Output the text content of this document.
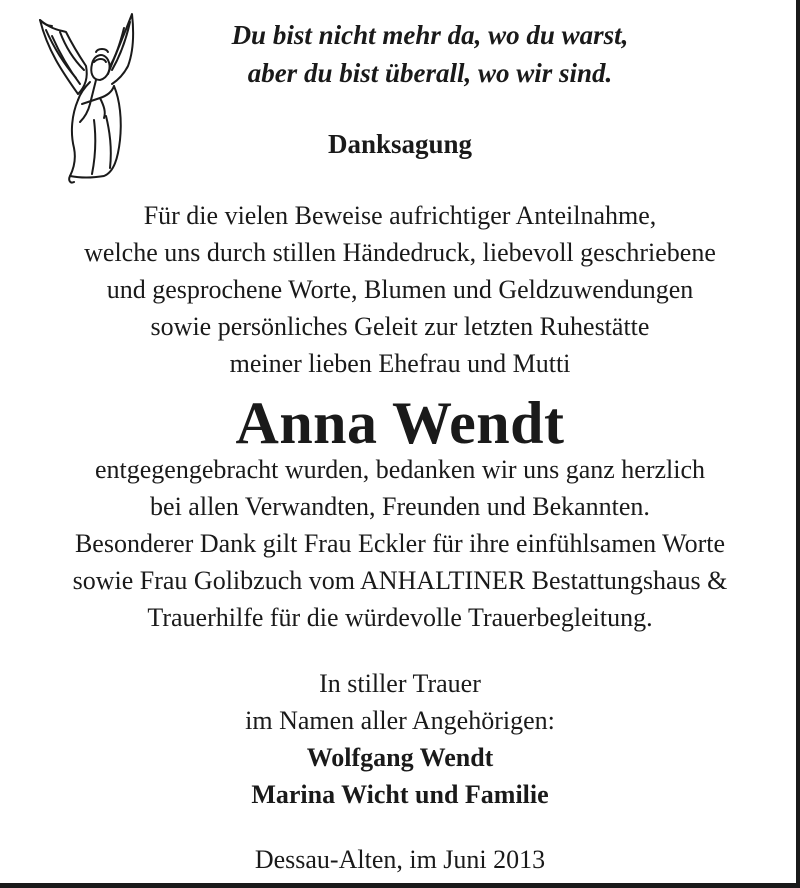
Du bist nicht mehr da, wo du warst,
aber du bist überall, wo wir sind.
Danksagung
Für die vielen Beweise aufrichtiger Anteilnahme,
welche uns durch stillen Händedruck, liebevoll geschriebene
und gesprochene Worte, Blumen und Geldzuwendungen
sowie persönliches Geleit zur letzten Ruhestätte
meiner lieben Ehefrau und Mutti
Anna Wendt
entgegengebracht wurden, bedanken wir uns ganz herzlich
bei allen Verwandten, Freunden und Bekannten.
Besonderer Dank gilt Frau Eckler für ihre einfühlsamen Worte
sowie Frau Golibzuch vom ANHALTINER Bestattungshaus &
Trauerhilfe für die würdevolle Trauerbegleitung.
In stiller Trauer
im Namen aller Angehörigen:
Wolfgang Wendt
Marina Wicht und Familie
Dessau-Alten, im Juni 2013
